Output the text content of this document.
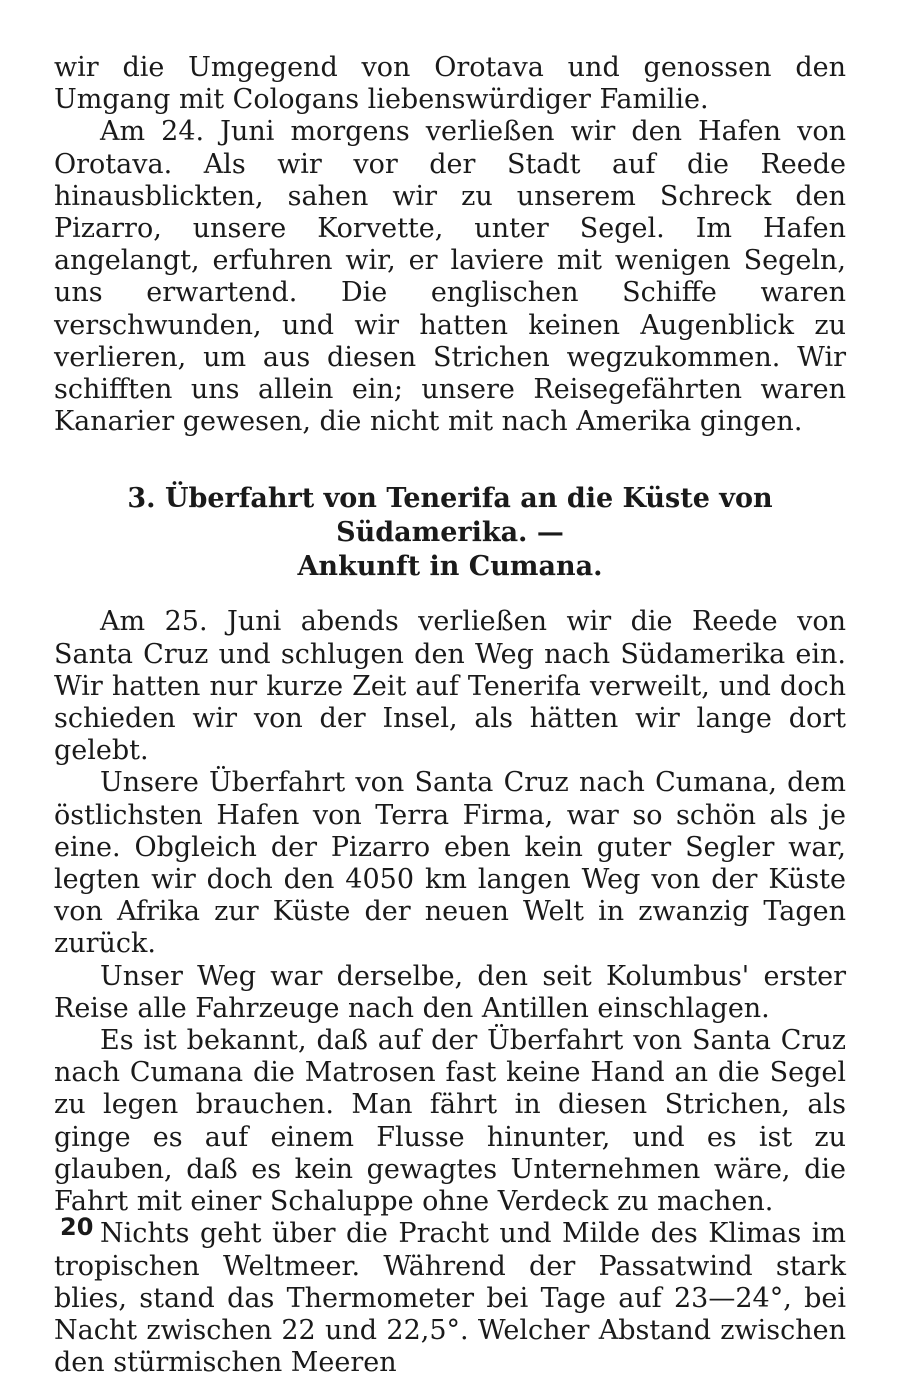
wir die Umgegend von Orotava und genossen den Umgang mit Cologans liebenswürdiger Familie.

Am 24. Juni morgens verließen wir den Hafen von Orotava. Als wir vor der Stadt auf die Reede hinausblickten, sahen wir zu unserem Schreck den Pizarro, unsere Korvette, unter Segel. Im Hafen angelangt, erfuhren wir, er laviere mit wenigen Segeln, uns erwartend. Die englischen Schiffe waren verschwunden, und wir hatten keinen Augenblick zu verlieren, um aus diesen Strichen wegzukommen. Wir schifften uns allein ein; unsere Reisegefährten waren Kanarier gewesen, die nicht mit nach Amerika gingen.

3. Überfahrt von Tenerifa an die Küste von Südamerika. —
Ankunft in Cumana.

Am 25. Juni abends verließen wir die Reede von Santa Cruz und schlugen den Weg nach Südamerika ein. Wir hatten nur kurze Zeit auf Tenerifa verweilt, und doch schieden wir von der Insel, als hätten wir lange dort gelebt.

Unsere Überfahrt von Santa Cruz nach Cumana, dem östlichsten Hafen von Terra Firma, war so schön als je eine. Obgleich der Pizarro eben kein guter Segler war, legten wir doch den 4050 km langen Weg von der Küste von Afrika zur Küste der neuen Welt in zwanzig Tagen zurück.

Unser Weg war derselbe, den seit Kolumbus' erster Reise alle Fahrzeuge nach den Antillen einschlagen.

Es ist bekannt, daß auf der Überfahrt von Santa Cruz nach Cumana die Matrosen fast keine Hand an die Segel zu legen brauchen. Man fährt in diesen Strichen, als ginge es auf einem Flusse hinunter, und es ist zu glauben, daß es kein gewagtes Unternehmen wäre, die Fahrt mit einer Schaluppe ohne Verdeck zu machen.

Nichts geht über die Pracht und Milde des Klimas im tropischen Weltmeer. Während der Passatwind stark blies, stand das Thermometer bei Tage auf 23—24°, bei Nacht zwischen 22 und 22,5°. Welcher Abstand zwischen den stürmischen Meeren

20
